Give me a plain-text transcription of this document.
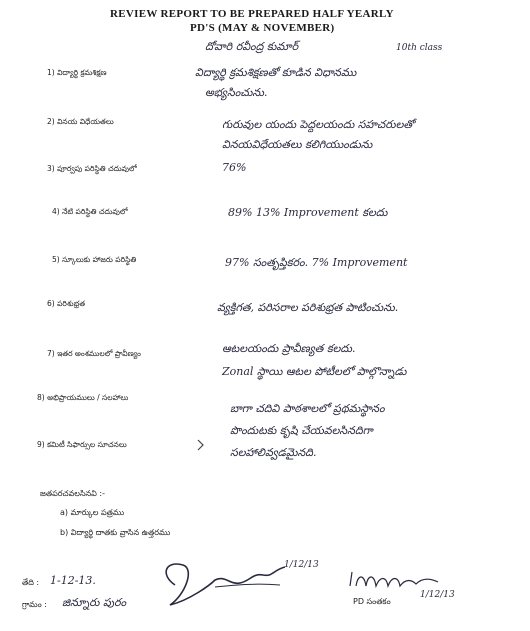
REVIEW REPORT TO BE PREPARED HALF YEARLY
PD'S (MAY & NOVEMBER)
దోవారి రవీంద్ర కుమార్	10th class
1) విద్యార్థి క్రమశిక్షణ	విద్యార్థి క్రమశిక్షణతో కూడిన విధానము
అభ్యసించును.
2) వినయ విధేయతలు	గురువుల యందు పెద్దలయందు సహచరులతో
వినయవిధేయతలు కలిగియుండును
3) పూర్వపు పరిస్థితి చదువులో	76%
4) నేటి పరిస్థితి చదువులో	89% 13% Improvement కలదు
5) స్కూలుకు హాజరు పరిస్థితి	97% సంతృప్తికరం. 7% Improvement
6) పరిశుభ్రత	వ్యక్తిగత, పరిసరాల పరిశుభ్రత పాటించును.
7) ఇతర అంశములలో ప్రావీణ్యం	ఆటలయందు ప్రావీణ్యత కలదు.
Zonal స్థాయి ఆటల పోటీలలో పాల్గొన్నాడు
8) అభిప్రాయములు / సలహాలు
బాగా చదివి పాఠశాలలో ప్రథమస్థానం
పొందుటకు కృషి చేయవలసినదిగా
సలహాలివ్వడమైనది.
9) కమిటీ సిఫార్సుల సూచనలు
జతపరచవలసినవి :-
a) మార్కుల పత్రము
b) విద్యార్థి దాతకు వ్రాసిన ఉత్తరము
తేది : 1-12-13.
గ్రామం : జిన్నూరు పురం
1/12/13
PD సంతకం
1/12/13
